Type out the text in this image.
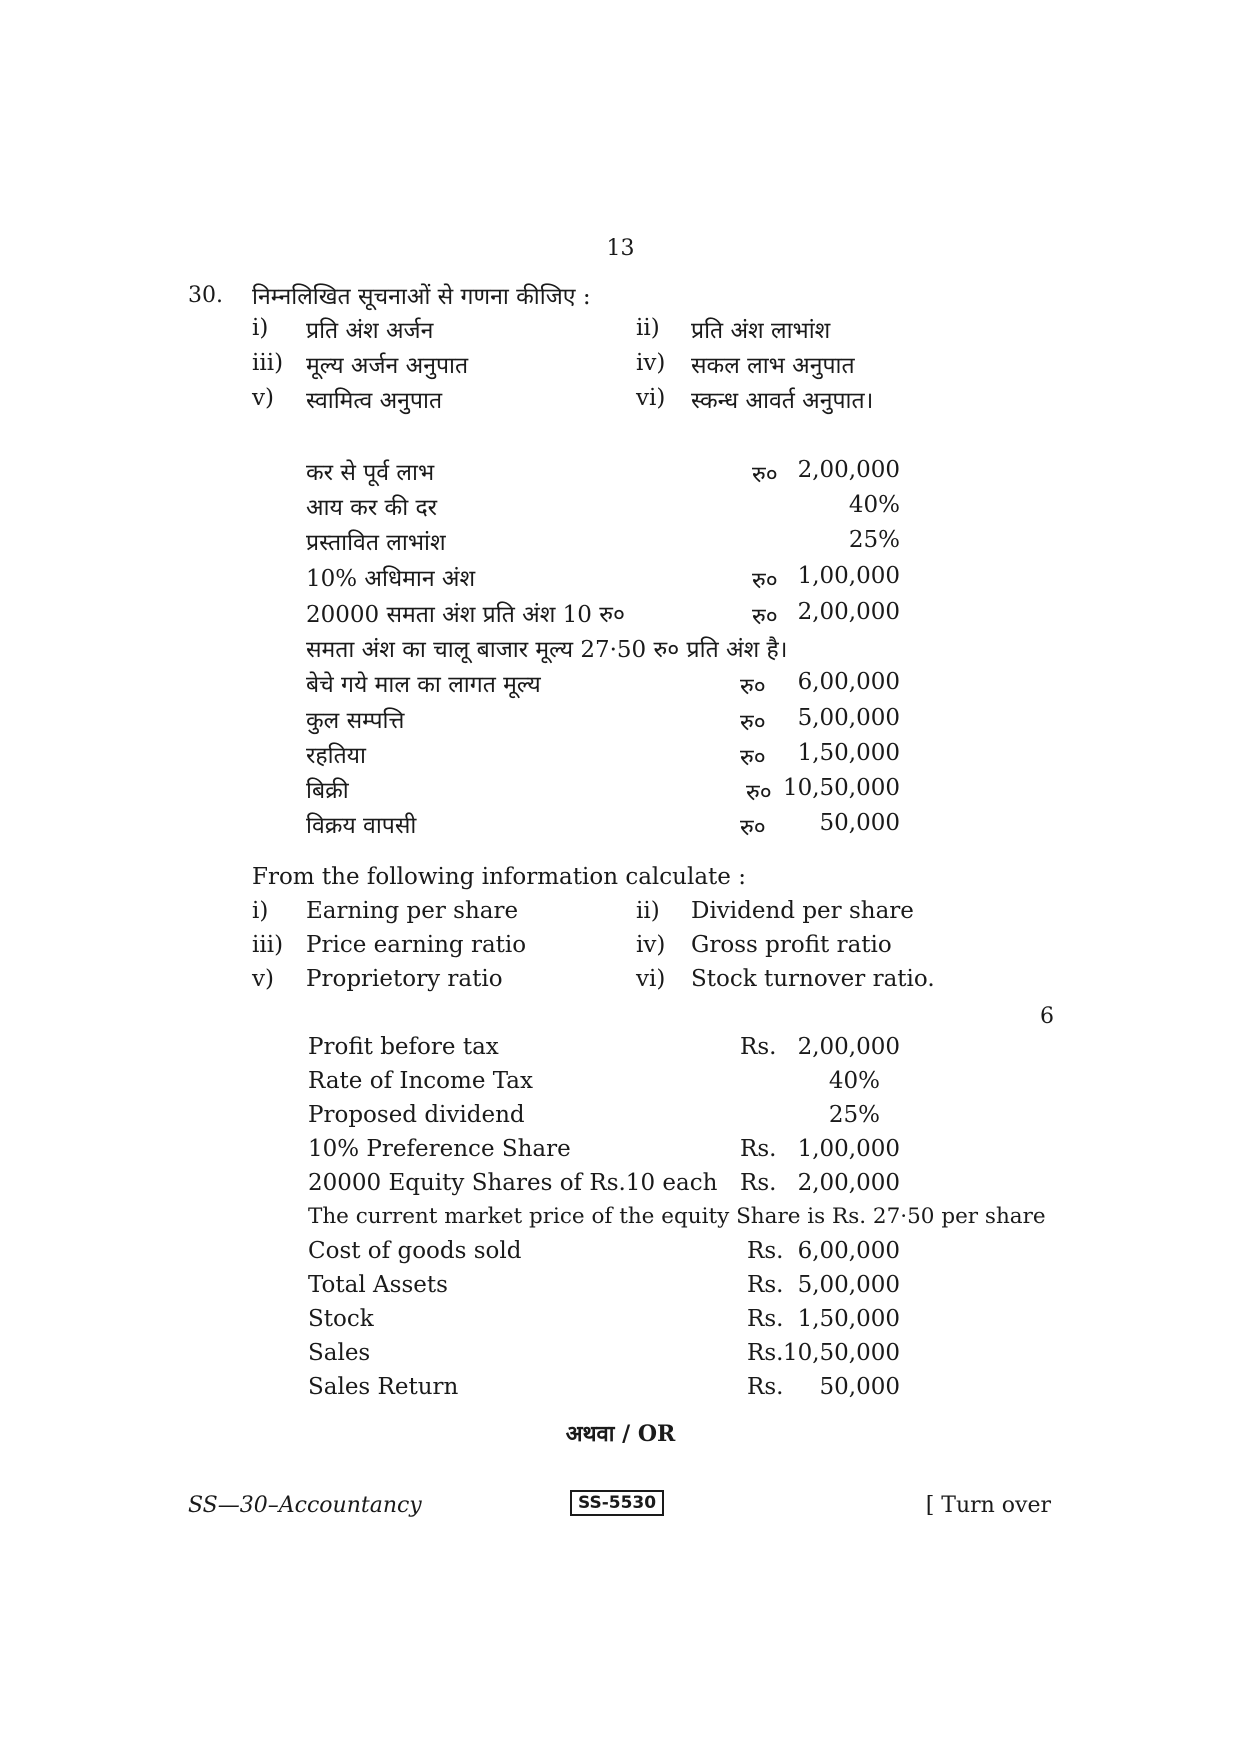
13
30. निम्नलिखित सूचनाओं से गणना कीजिए :
i) प्रति अंश अर्जन	ii) प्रति अंश लाभांश
iii) मूल्य अर्जन अनुपात	iv) सकल लाभ अनुपात
v) स्वामित्व अनुपात	vi) स्कन्ध आवर्त अनुपात।
कर से पूर्व लाभ	रु० 2,00,000
आय कर की दर	40%
प्रस्तावित लाभांश	25%
10% अधिमान अंश	रु० 1,00,000
20000 समता अंश प्रति अंश 10 रु०	रु० 2,00,000
समता अंश का चालू बाजार मूल्य 27·50 रु० प्रति अंश है।
बेचे गये माल का लागत मूल्य	रु०	6,00,000
कुल सम्पत्ति	रु०	5,00,000
रहतिया	रु०	1,50,000
बिक्री	रु० 10,50,000
विक्रय वापसी	रु०	50,000
From the following information calculate :
i) Earning per share	ii) Dividend per share
iii) Price earning ratio	iv) Gross profit ratio
v) Proprietory ratio	vi) Stock turnover ratio.
6
Profit before tax	Rs. 2,00,000
Rate of Income Tax	40%
Proposed dividend	25%
10% Preference Share	Rs. 1,00,000
20000 Equity Shares of Rs.10 each Rs. 2,00,000
The current market price of the equity Share is Rs. 27·50 per share
Cost of goods sold	Rs. 6,00,000
Total Assets	Rs. 5,00,000
Stock	Rs. 1,50,000
Sales	Rs. 10,50,000
Sales Return	Rs.	50,000
अथवा / OR
SS—30–Accountancy	SS-5530	[ Turn over
